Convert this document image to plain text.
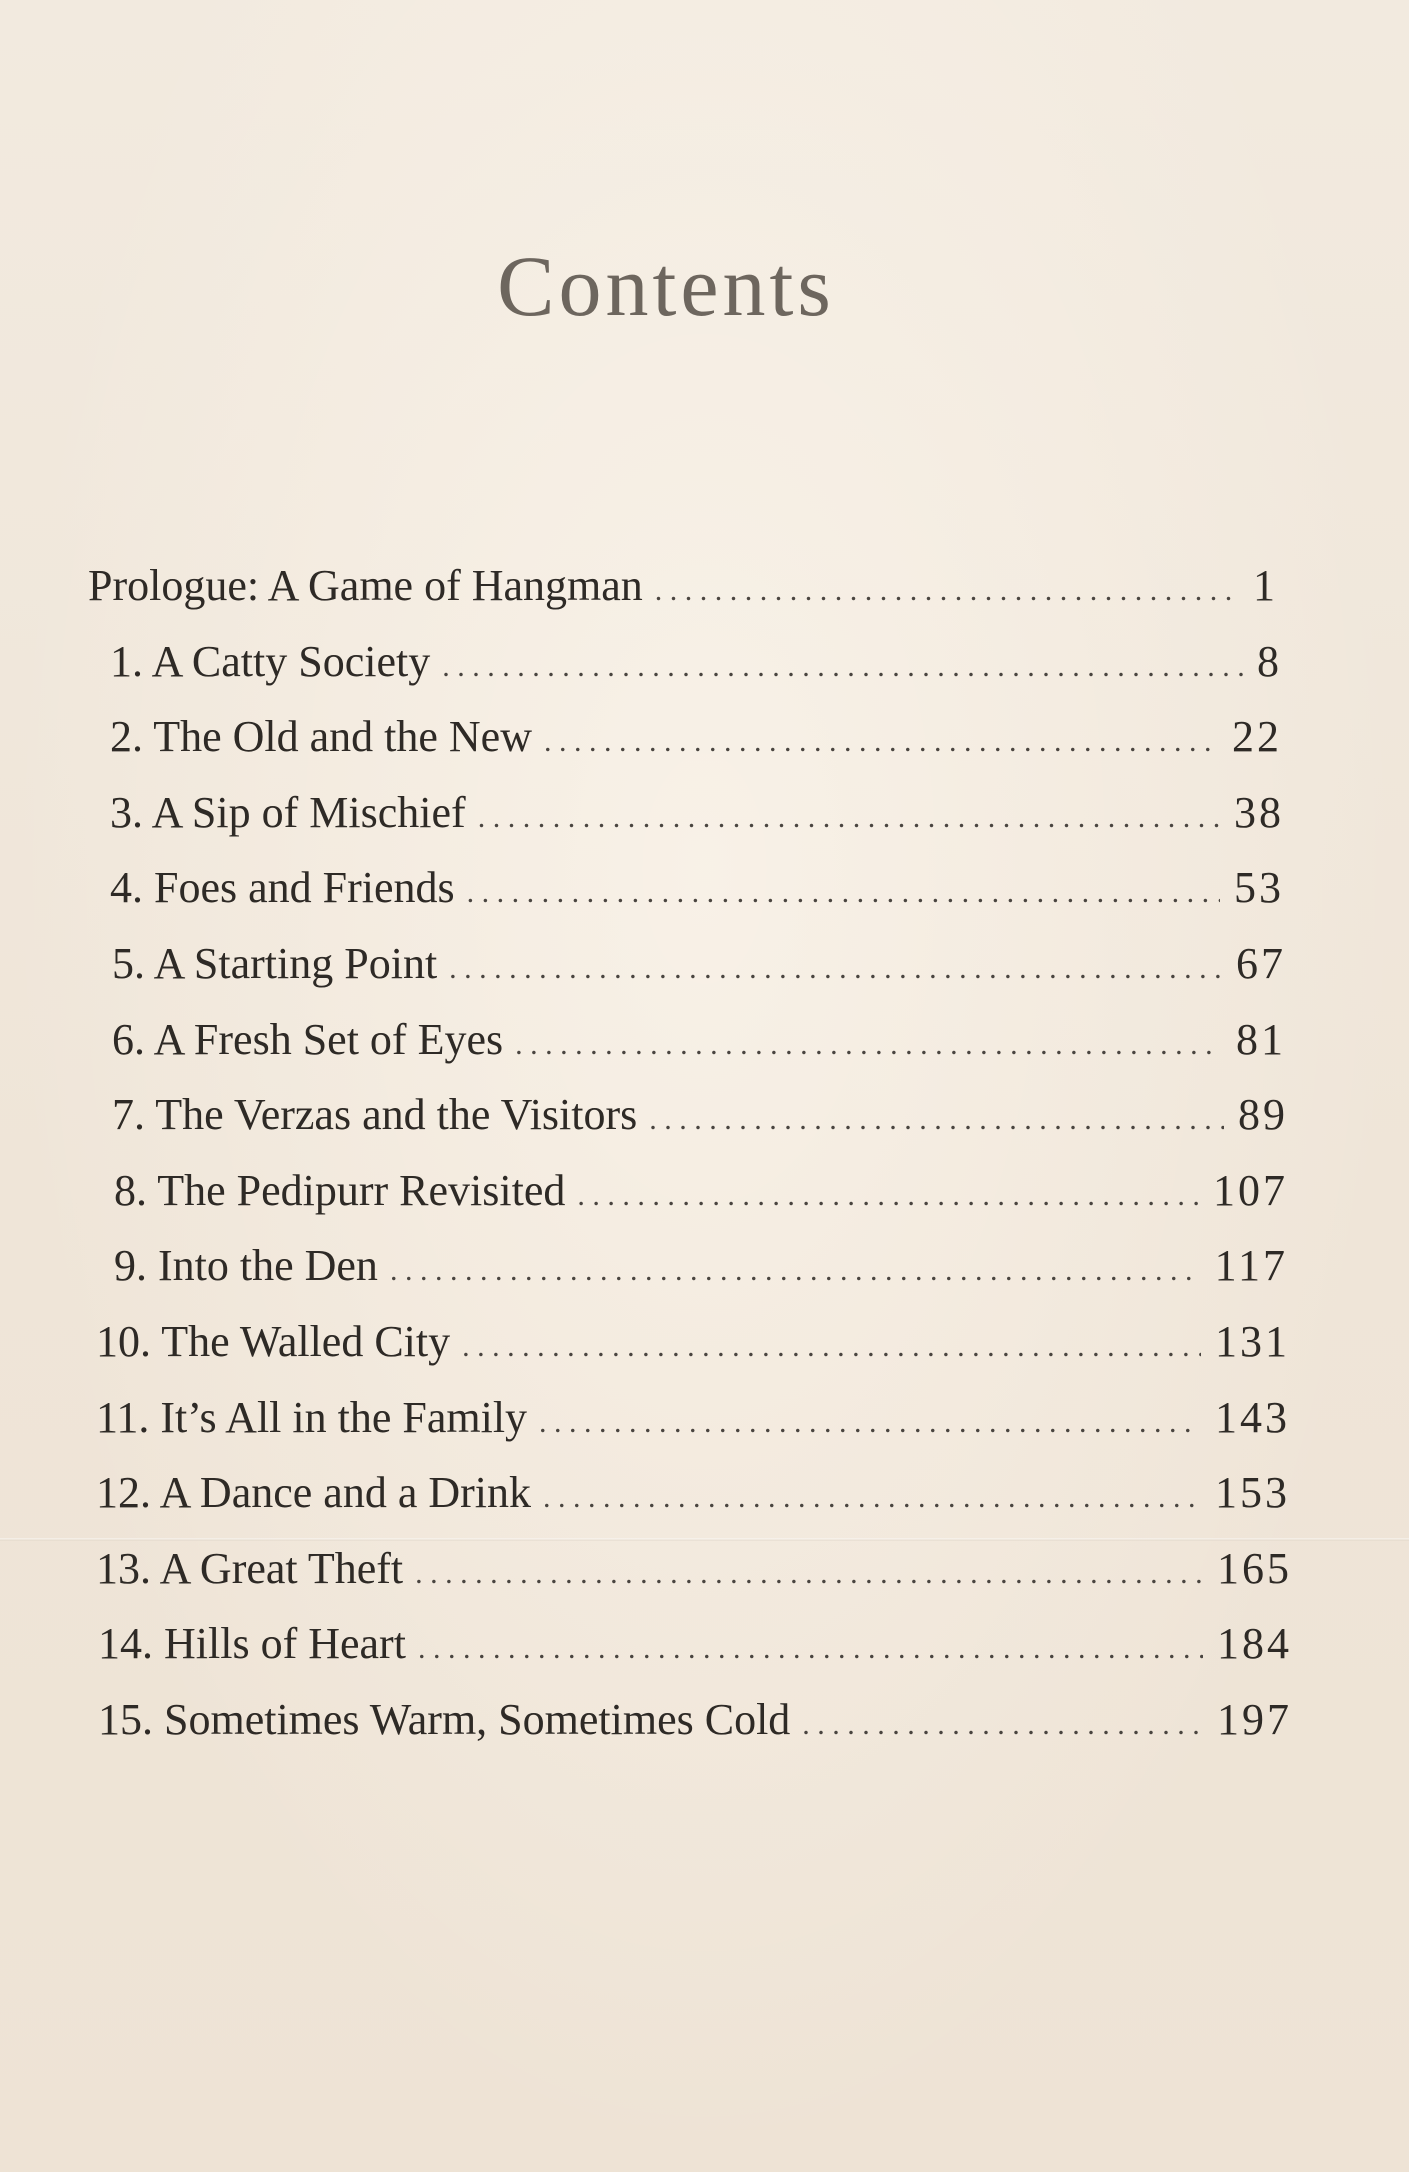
Contents
Prologue: A Game of Hangman . . .	1
1. A Catty Society . . .	8
2. The Old and the New . . .	22
3. A Sip of Mischief . . .	38
4. Foes and Friends . . .	53
5. A Starting Point . . .	67
6. A Fresh Set of Eyes . . .	81
7. The Verzas and the Visitors . . .	89
8. The Pedipurr Revisited . . .	107
9. Into the Den . . .	117
10. The Walled City . . .	131
11. It’s All in the Family . . .	143
12. A Dance and a Drink . . .	153
13. A Great Theft . . .	165
14. Hills of Heart . . .	184
15. Sometimes Warm, Sometimes Cold . . .	197
